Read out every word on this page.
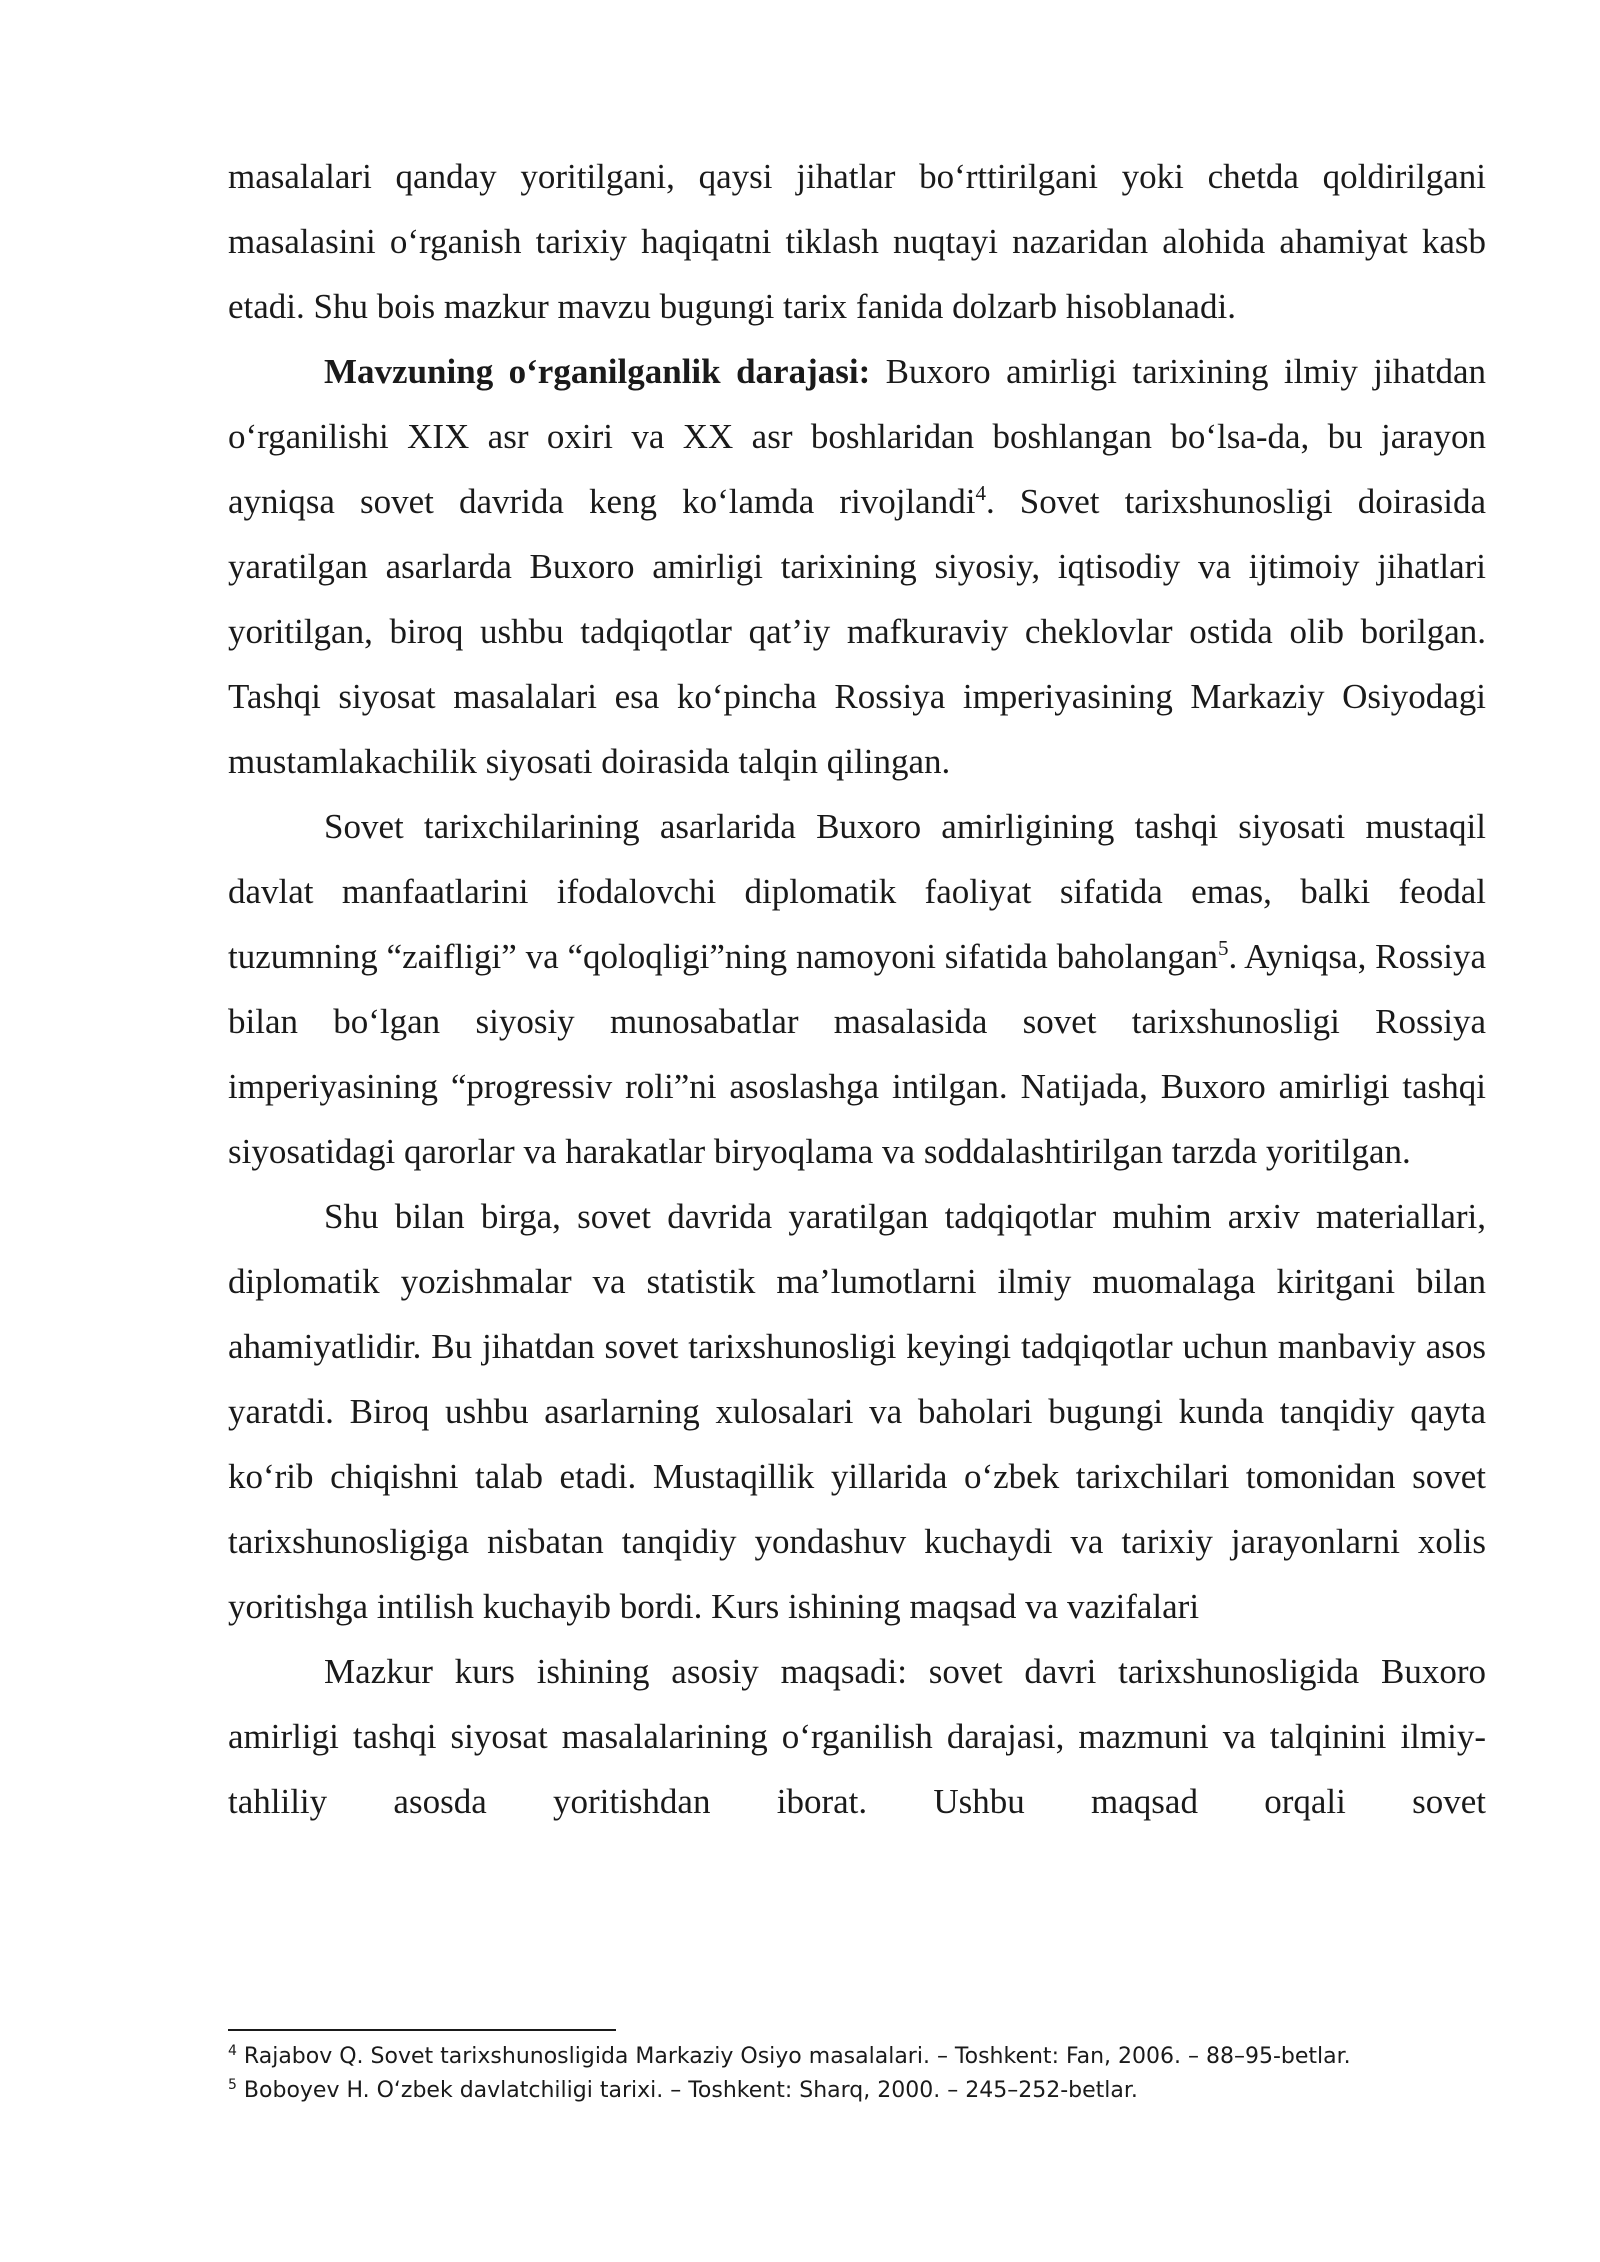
masalalari qanday yoritilgani, qaysi jihatlar bo‘rttirilgani yoki chetda qoldirilgani masalasini o‘rganish tarixiy haqiqatni tiklash nuqtayi nazaridan alohida ahamiyat kasb etadi. Shu bois mazkur mavzu bugungi tarix fanida dolzarb hisoblanadi.

Mavzuning o‘rganilganlik darajasi: Buxoro amirligi tarixining ilmiy jihatdan o‘rganilishi XIX asr oxiri va XX asr boshlaridan boshlangan bo‘lsa-da, bu jarayon ayniqsa sovet davrida keng ko‘lamda rivojlandi$^4$. Sovet tarixshunosligi doirasida yaratilgan asarlarda Buxoro amirligi tarixining siyosiy, iqtisodiy va ijtimoiy jihatlari yoritilgan, biroq ushbu tadqiqotlar qat’iy mafkuraviy cheklovlar ostida olib borilgan. Tashqi siyosat masalalari esa ko‘pincha Rossiya imperiyasining Markaziy Osiyodagi mustamlakachilik siyosati doirasida talqin qilingan.

Sovet tarixchilarining asarlarida Buxoro amirligining tashqi siyosati mustaqil davlat manfaatlarini ifodalovchi diplomatik faoliyat sifatida emas, balki feodal tuzumning “zaifligi” va “qoloqligi”ning namoyoni sifatida baholangan$^5$. Ayniqsa, Rossiya bilan bo‘lgan siyosiy munosabatlar masalasida sovet tarixshunosligi Rossiya imperiyasining “progressiv roli”ni asoslashga intilgan. Natijada, Buxoro amirligi tashqi siyosatidagi qarorlar va harakatlar biryoqlama va soddalashtirilgan tarzda yoritilgan.

Shu bilan birga, sovet davrida yaratilgan tadqiqotlar muhim arxiv materiallari, diplomatik yozishmalar va statistik ma’lumotlarni ilmiy muomalaga kiritgani bilan ahamiyatlidir. Bu jihatdan sovet tarixshunosligi keyingi tadqiqotlar uchun manbaviy asos yaratdi. Biroq ushbu asarlarning xulosalari va baholari bugungi kunda tanqidiy qayta ko‘rib chiqishni talab etadi. Mustaqillik yillarida o‘zbek tarixchilari tomonidan sovet tarixshunosligiga nisbatan tanqidiy yondashuv kuchaydi va tarixiy jarayonlarni xolis yoritishga intilish kuchayib bordi. Kurs ishining maqsad va vazifalari

Mazkur kurs ishining asosiy maqsadi: sovet davri tarixshunosligida Buxoro amirligi tashqi siyosat masalalarining o‘rganilish darajasi, mazmuni va talqinini ilmiy-tahliliy asosda yoritishdan iborat. Ushbu maqsad orqali sovet

$^4$ Rajabov Q. Sovet tarixshunosligida Markaziy Osiyo masalalari. – Toshkent: Fan, 2006. – 88–95-betlar.

$^5$ Boboyev H. O‘zbek davlatchiligi tarixi. – Toshkent: Sharq, 2000. – 245–252-betlar.
